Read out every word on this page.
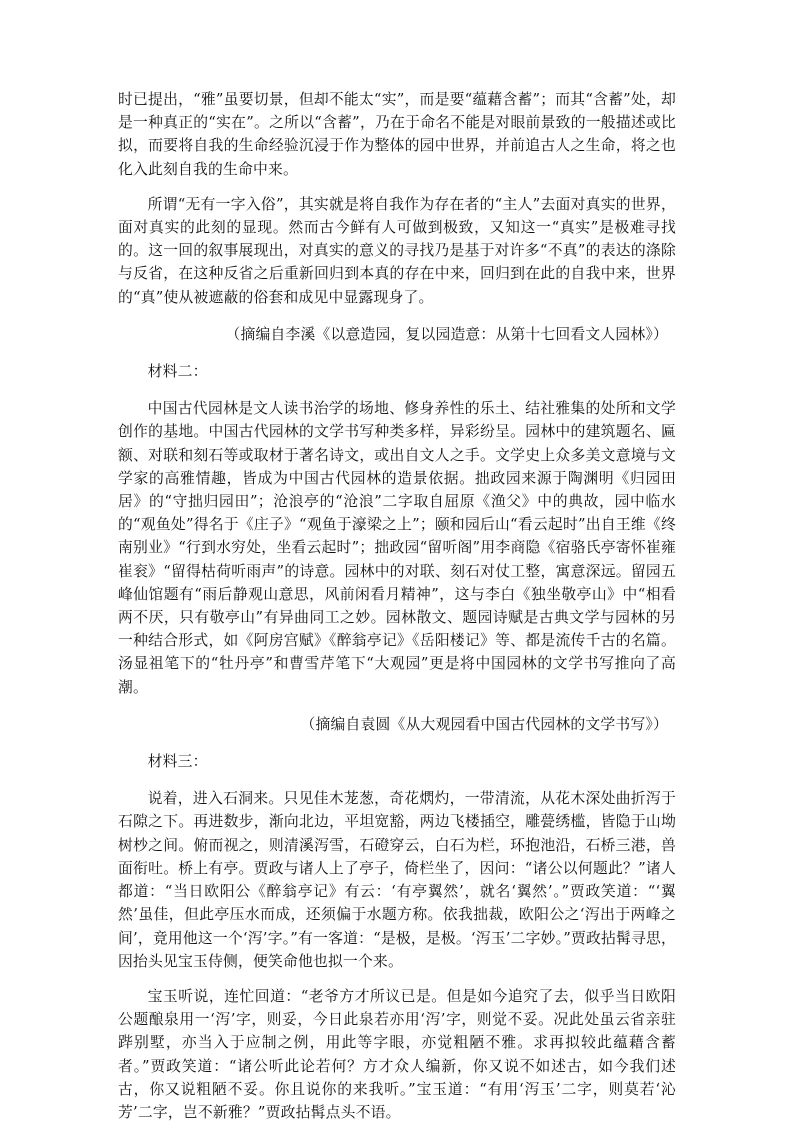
时已提出，“雅”虽要切景，但却不能太“实”，而是要“蕴藉含蓄”；而其“含蓄”处，却是一种真正的“实在”。之所以“含蓄”，乃在于命名不能是对眼前景致的一般描述或比拟，而要将自我的生命经验沉浸于作为整体的园中世界，并前追古人之生命，将之也化入此刻自我的生命中来。

所谓“无有一字入俗”，其实就是将自我作为存在者的“主人”去面对真实的世界，面对真实的此刻的显现。然而古今鲜有人可做到极致，又知这一“真实”是极难寻找的。这一回的叙事展现出，对真实的意义的寻找乃是基于对许多“不真”的表达的涤除与反省，在这种反省之后重新回归到本真的存在中来，回归到在此的自我中来，世界的“真”使从被遮蔽的俗套和成见中显露现身了。

（摘编自李溪《以意造园，复以园造意：从第十七回看文人园林》）

材料二：

中国古代园林是文人读书治学的场地、修身养性的乐土、结社雅集的处所和文学创作的基地。中国古代园林的文学书写种类多样，异彩纷呈。园林中的建筑题名、匾额、对联和刻石等或取材于著名诗文，或出自文人之手。文学史上众多美文意境与文学家的高雅情趣，皆成为中国古代园林的造景依据。拙政园来源于陶渊明《归园田居》的“守拙归园田”；沧浪亭的“沧浪”二字取自屈原《渔父》中的典故，园中临水的“观鱼处”得名于《庄子》“观鱼于濠梁之上”；颐和园后山“看云起时”出自王维《终南别业》“行到水穷处，坐看云起时”；拙政园“留听阁”用李商隐《宿骆氏亭寄怀崔雍崔衮》“留得枯荷听雨声”的诗意。园林中的对联、刻石对仗工整，寓意深远。留园五峰仙馆题有“雨后静观山意思，风前闲看月精神”，这与李白《独坐敬亭山》中“相看两不厌，只有敬亭山”有异曲同工之妙。园林散文、题园诗赋是古典文学与园林的另一种结合形式，如《阿房宫赋》《醉翁亭记》《岳阳楼记》等、都是流传千古的名篇。汤显祖笔下的“牡丹亭”和曹雪芹笔下“大观园”更是将中国园林的文学书写推向了高潮。

（摘编自袁圆《从大观园看中国古代园林的文学书写》）

材料三：

说着，进入石洞来。只见佳木茏葱，奇花熌灼，一带清流，从花木深处曲折泻于石隙之下。再进数步，渐向北边，平坦宽豁，两边飞楼插空，雕甍绣槛，皆隐于山坳树杪之间。俯而视之，则清溪泻雪，石磴穿云，白石为栏，环抱池沿，石桥三港，兽面衔吐。桥上有亭。贾政与诸人上了亭子，倚栏坐了，因问：“诸公以何题此？”诸人都道：“当日欧阳公《醉翁亭记》有云：‘有亭翼然’，就名‘翼然’。”贾政笑道：“‘翼然’虽佳，但此亭压水而成，还须偏于水题方称。依我拙裁，欧阳公之‘泻出于两峰之间’，竟用他这一个‘泻’字。”有一客道：“是极，是极。‘泻玉’二字妙。”贾政拈髯寻思，因抬头见宝玉侍侧，便笑命他也拟一个来。

宝玉听说，连忙回道：“老爷方才所议已是。但是如今追究了去，似乎当日欧阳公题酿泉用一‘泻’字，则妥，今日此泉若亦用‘泻’字，则觉不妥。况此处虽云省亲驻跸别墅，亦当入于应制之例，用此等字眼，亦觉粗陋不雅。求再拟较此蕴藉含蓄者。”贾政笑道：“诸公听此论若何？方才众人编新，你又说不如述古，如今我们述古，你又说粗陋不妥。你且说你的来我听。”宝玉道：“有用‘泻玉’二字，则莫若‘沁芳’二字，岂不新雅？”贾政拈髯点头不语。
